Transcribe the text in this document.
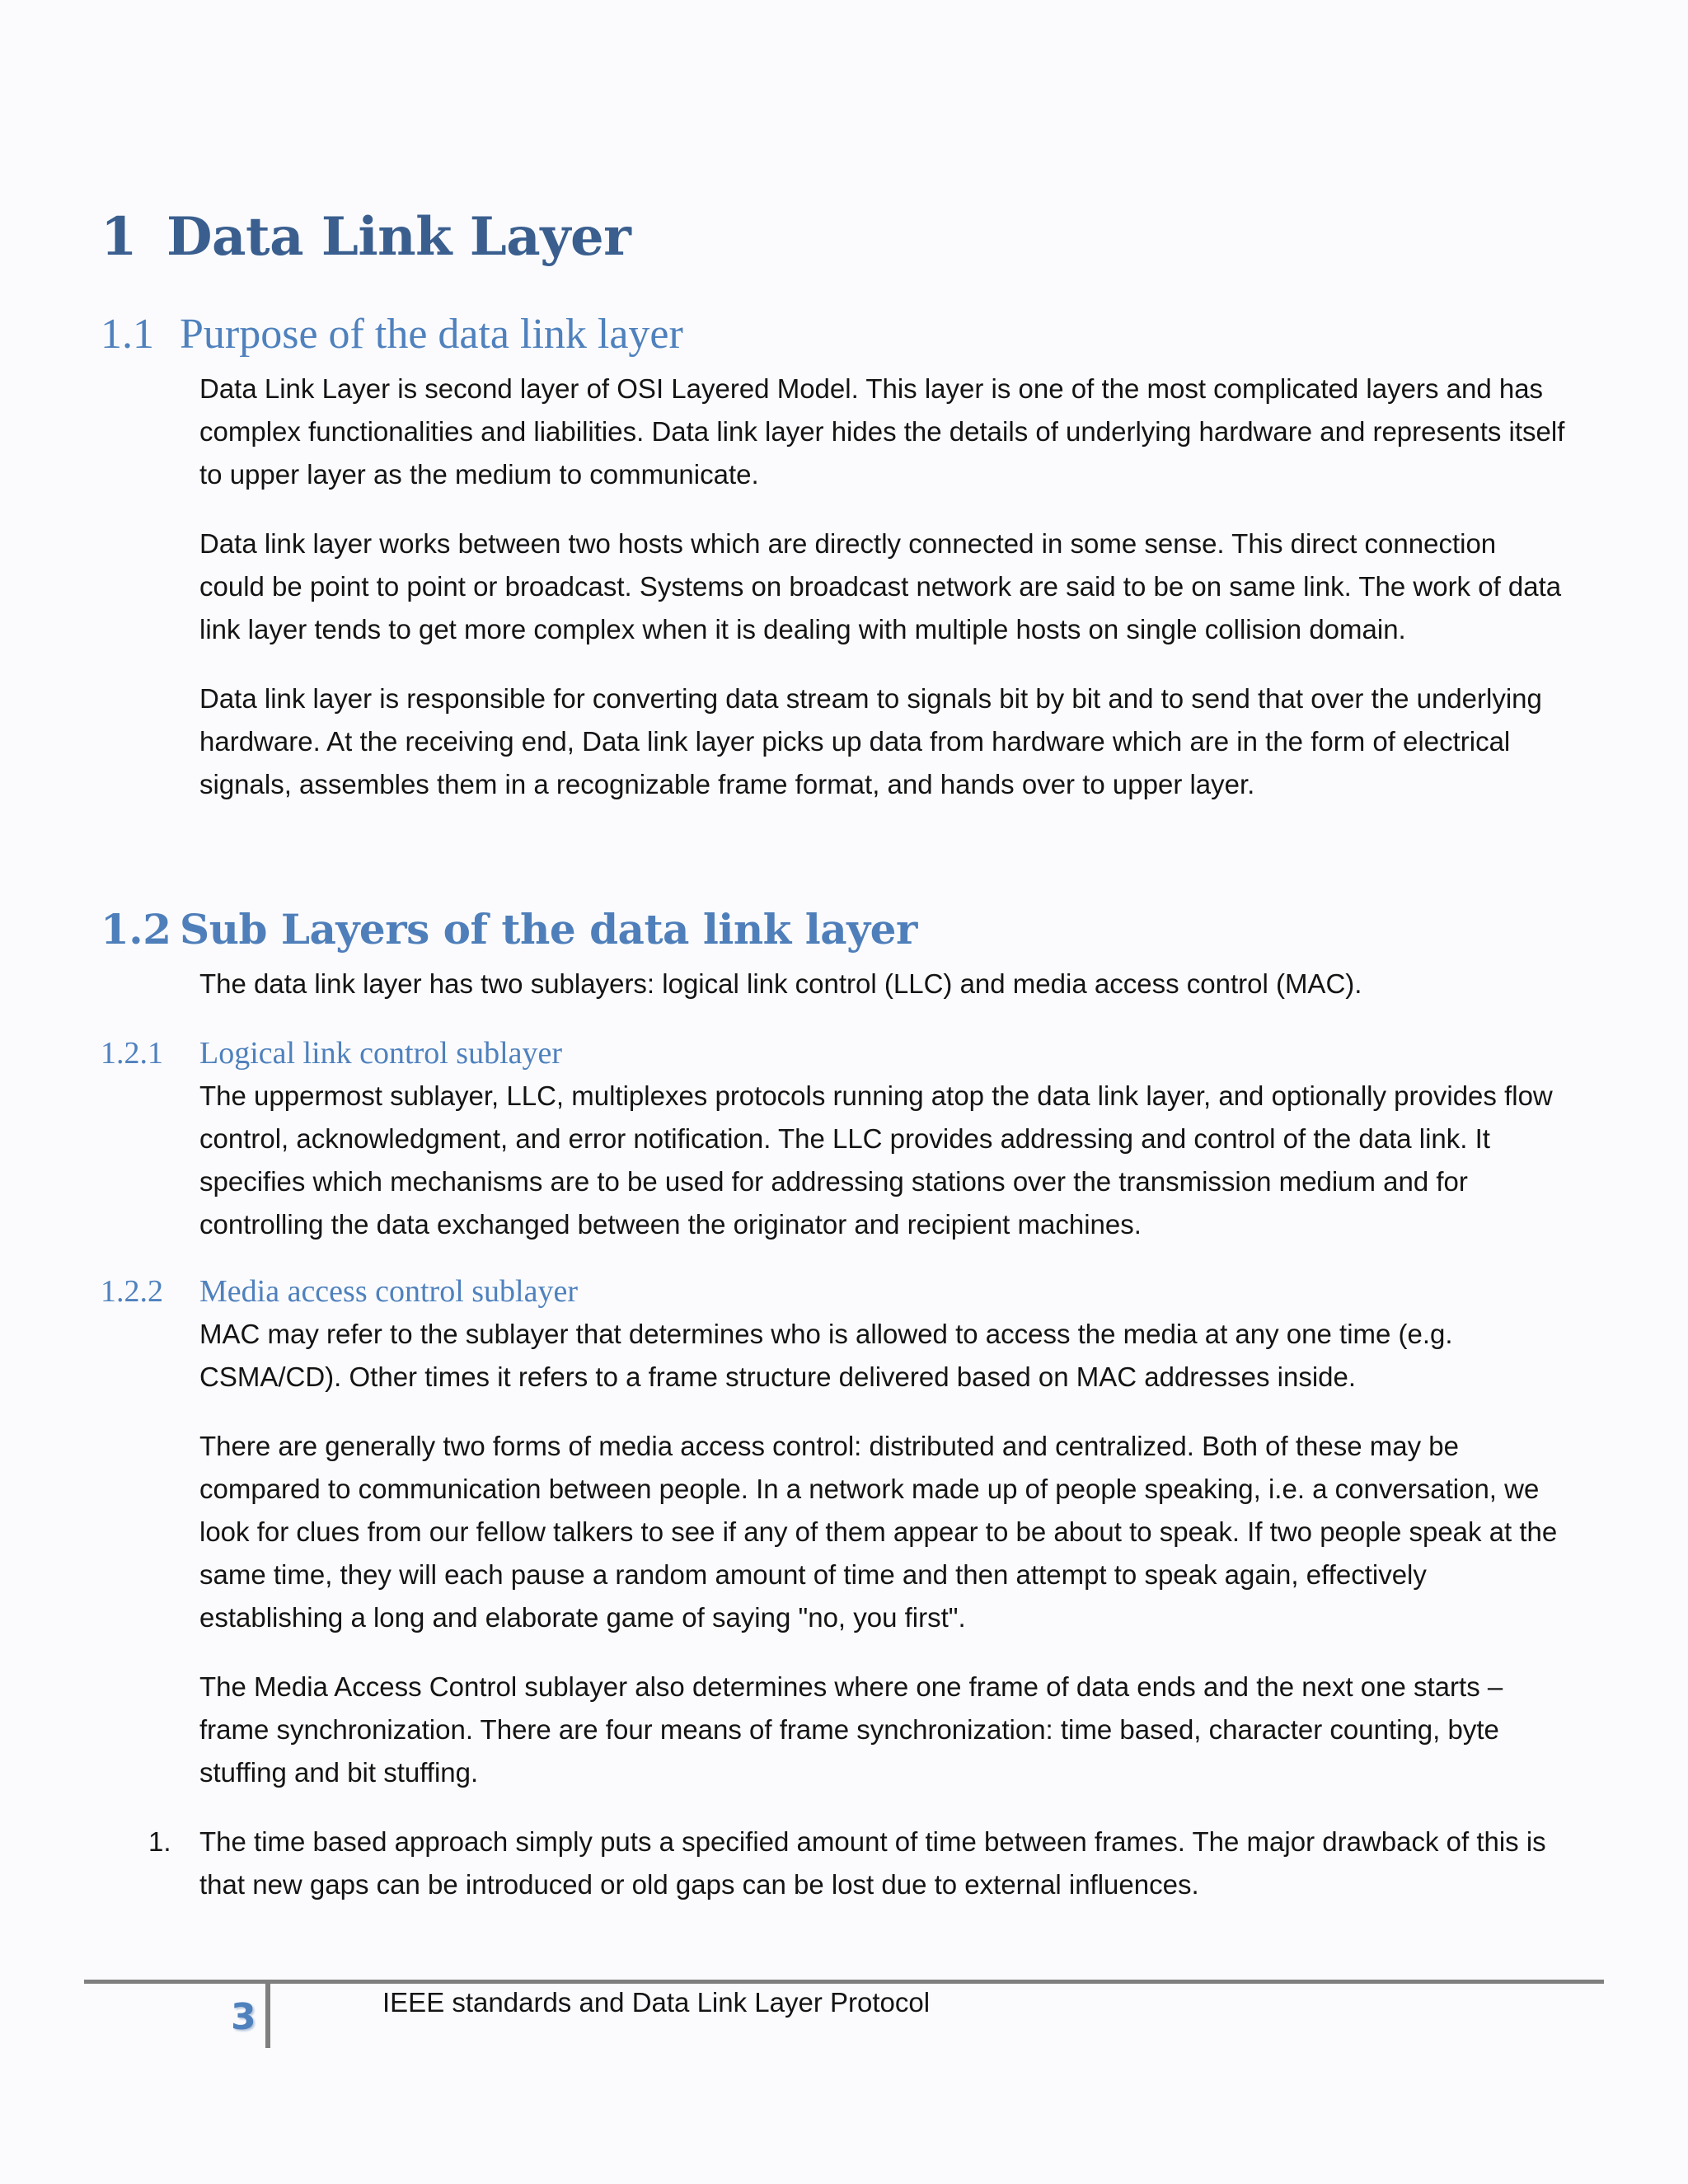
1 Data Link Layer
1.1 Purpose of the data link layer

Data Link Layer is second layer of OSI Layered Model. This layer is one of the most complicated layers and has complex functionalities and liabilities. Data link layer hides the details of underlying hardware and represents itself to upper layer as the medium to communicate.

Data link layer works between two hosts which are directly connected in some sense. This direct connection could be point to point or broadcast. Systems on broadcast network are said to be on same link. The work of data link layer tends to get more complex when it is dealing with multiple hosts on single collision domain.

Data link layer is responsible for converting data stream to signals bit by bit and to send that over the underlying hardware. At the receiving end, Data link layer picks up data from hardware which are in the form of electrical signals, assembles them in a recognizable frame format, and hands over to upper layer.

1.2 Sub Layers of the data link layer

The data link layer has two sublayers: logical link control (LLC) and media access control (MAC).

1.2.1 Logical link control sublayer

The uppermost sublayer, LLC, multiplexes protocols running atop the data link layer, and optionally provides flow control, acknowledgment, and error notification. The LLC provides addressing and control of the data link. It specifies which mechanisms are to be used for addressing stations over the transmission medium and for controlling the data exchanged between the originator and recipient machines.

1.2.2 Media access control sublayer

MAC may refer to the sublayer that determines who is allowed to access the media at any one time (e.g. CSMA/CD). Other times it refers to a frame structure delivered based on MAC addresses inside.

There are generally two forms of media access control: distributed and centralized. Both of these may be compared to communication between people. In a network made up of people speaking, i.e. a conversation, we look for clues from our fellow talkers to see if any of them appear to be about to speak. If two people speak at the same time, they will each pause a random amount of time and then attempt to speak again, effectively establishing a long and elaborate game of saying "no, you first".

The Media Access Control sublayer also determines where one frame of data ends and the next one starts – frame synchronization. There are four means of frame synchronization: time based, character counting, byte stuffing and bit stuffing.

1. The time based approach simply puts a specified amount of time between frames. The major drawback of this is that new gaps can be introduced or old gaps can be lost due to external influences.
3	IEEE standards and Data Link Layer Protocol
